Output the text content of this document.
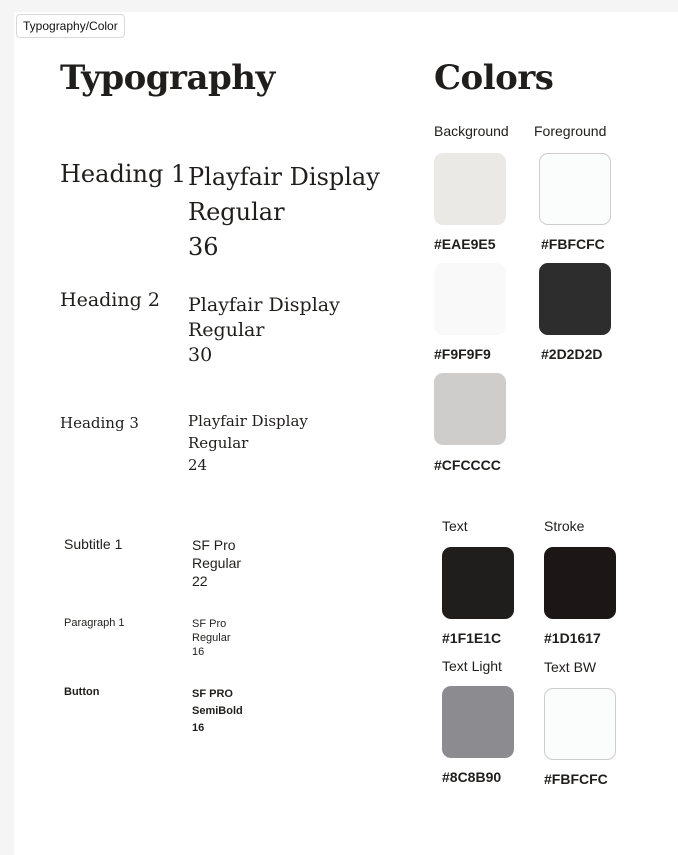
Typography/Color
Typography
Heading 1 Playfair Display
Regular
36
Heading 2 Playfair Display
Regular
30
Heading 3	Playfair Display
Regular
24
Subtitle 1	SF Pro
Regular
22
Paragraph 1	SF Pro
Regular
16
Button	SF PRO
SemiBold
16
Colors
Background Foreground
#EAE9E5	#FBFCFC
#F9F9F9	#2D2D2D
#CFCCCC
Text	Stroke
#1F1E1C	#1D1617
Text Light	Text BW
#8C8B90	#FBFCFC
